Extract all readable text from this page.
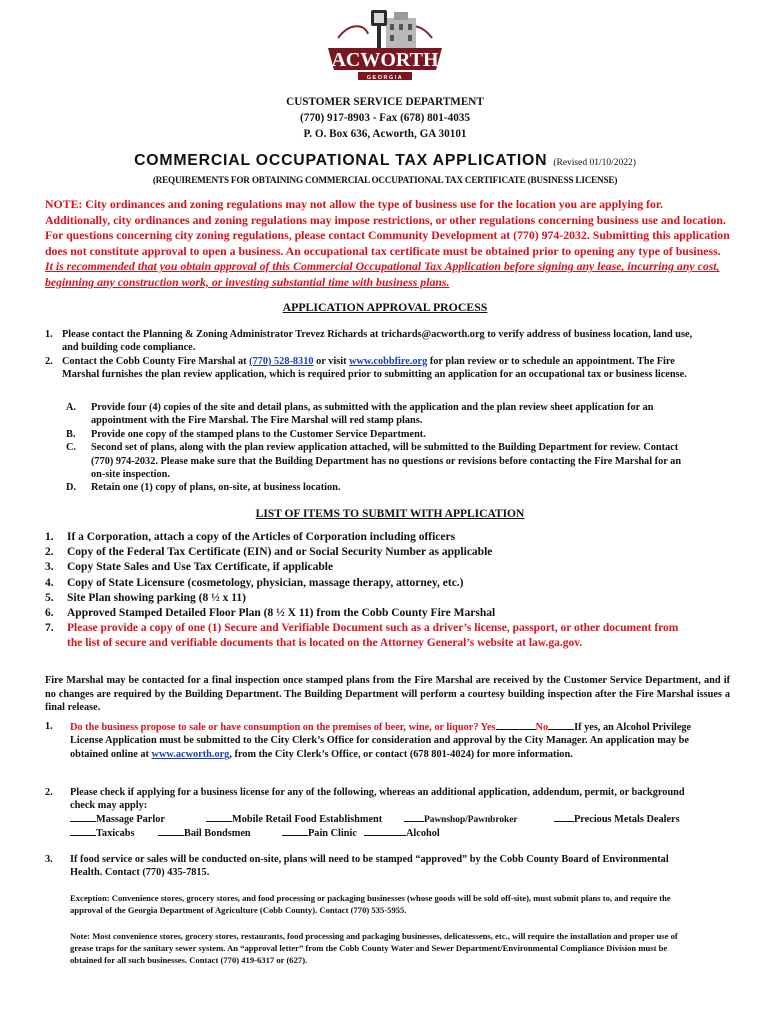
ACWORTH
GEORGIA
CUSTOMER SERVICE DEPARTMENT
(770) 917-8903 - Fax (678) 801-4035
P. O. Box 636, Acworth, GA 30101
COMMERCIAL OCCUPATIONAL TAX APPLICATION (Revised 01/10/2022)
(REQUIREMENTS FOR OBTAINING COMMERCIAL OCCUPATIONAL TAX CERTIFICATE (BUSINESS LICENSE)
NOTE: City ordinances and zoning regulations may not allow the type of business use for the location you are applying for. Additionally, city ordinances and zoning regulations may impose restrictions, or other regulations concerning business use and location. For questions concerning city zoning regulations, please contact Community Development at (770) 974-2032. Submitting this application does not constitute approval to open a business. An occupational tax certificate must be obtained prior to opening any type of business. It is recommended that you obtain approval of this Commercial Occupational Tax Application before signing any lease, incurring any cost, beginning any construction work, or investing substantial time with business plans.
APPLICATION APPROVAL PROCESS
1. Please contact the Planning & Zoning Administrator Trevez Richards at trichards@acworth.org to verify address of business location, land use, and building code compliance.
2. Contact the Cobb County Fire Marshal at (770) 528-8310 or visit www.cobbfire.org for plan review or to schedule an appointment. The Fire Marshal furnishes the plan review application, which is required prior to submitting an application for an occupational tax or business license.
A. Provide four (4) copies of the site and detail plans, as submitted with the application and the plan review sheet application for an appointment with the Fire Marshal. The Fire Marshal will red stamp plans.
B. Provide one copy of the stamped plans to the Customer Service Department.
C. Second set of plans, along with the plan review application attached, will be submitted to the Building Department for review. Contact (770) 974-2032. Please make sure that the Building Department has no questions or revisions before contacting the Fire Marshal for an on-site inspection.
D. Retain one (1) copy of plans, on-site, at business location.
LIST OF ITEMS TO SUBMIT WITH APPLICATION
1. If a Corporation, attach a copy of the Articles of Corporation including officers
2. Copy of the Federal Tax Certificate (EIN) and or Social Security Number as applicable
3. Copy State Sales and Use Tax Certificate, if applicable
4. Copy of State Licensure (cosmetology, physician, massage therapy, attorney, etc.)
5. Site Plan showing parking (8 ½ x 11)
6. Approved Stamped Detailed Floor Plan (8 ½ X 11) from the Cobb County Fire Marshal
7. Please provide a copy of one (1) Secure and Verifiable Document such as a driver’s license, passport, or other document from the list of secure and verifiable documents that is located on the Attorney General’s website at law.ga.gov.
Fire Marshal may be contacted for a final inspection once stamped plans from the Fire Marshal are received by the Customer Service Department, and if no changes are required by the Building Department. The Building Department will perform a courtesy building inspection after the Fire Marshal issues a final release.
1. Do the business propose to sale or have consumption on the premises of beer, wine, or liquor? Yes	No	If yes, an Alcohol Privilege License Application must be submitted to the City Clerk’s Office for consideration and approval by the City Manager. An application may be obtained online at www.acworth.org, from the City Clerk’s Office, or contact (678 801-4024) for more information.
2. Please check if applying for a business license for any of the following, whereas an additional application, addendum, permit, or background check may apply:
Massage Parlor	Mobile Retail Food Establishment	Pawnshop/Pawnbroker	Precious Metals Dealers
Taxicabs	Bail Bondsmen	Pain Clinic	Alcohol
3. If food service or sales will be conducted on-site, plans will need to be stamped “approved” by the Cobb County Board of Environmental Health. Contact (770) 435-7815.
Exception: Convenience stores, grocery stores, and food processing or packaging businesses (whose goods will be sold off-site), must submit plans to, and require the approval of the Georgia Department of Agriculture (Cobb County). Contact (770) 535-5955.
Note: Most convenience stores, grocery stores, restaurants, food processing and packaging businesses, delicatessens, etc., will require the installation and proper use of grease traps for the sanitary sewer system. An “approval letter” from the Cobb County Water and Sewer Department/Environmental Compliance Division must be obtained for all such businesses. Contact (770) 419-6317 or (627).
